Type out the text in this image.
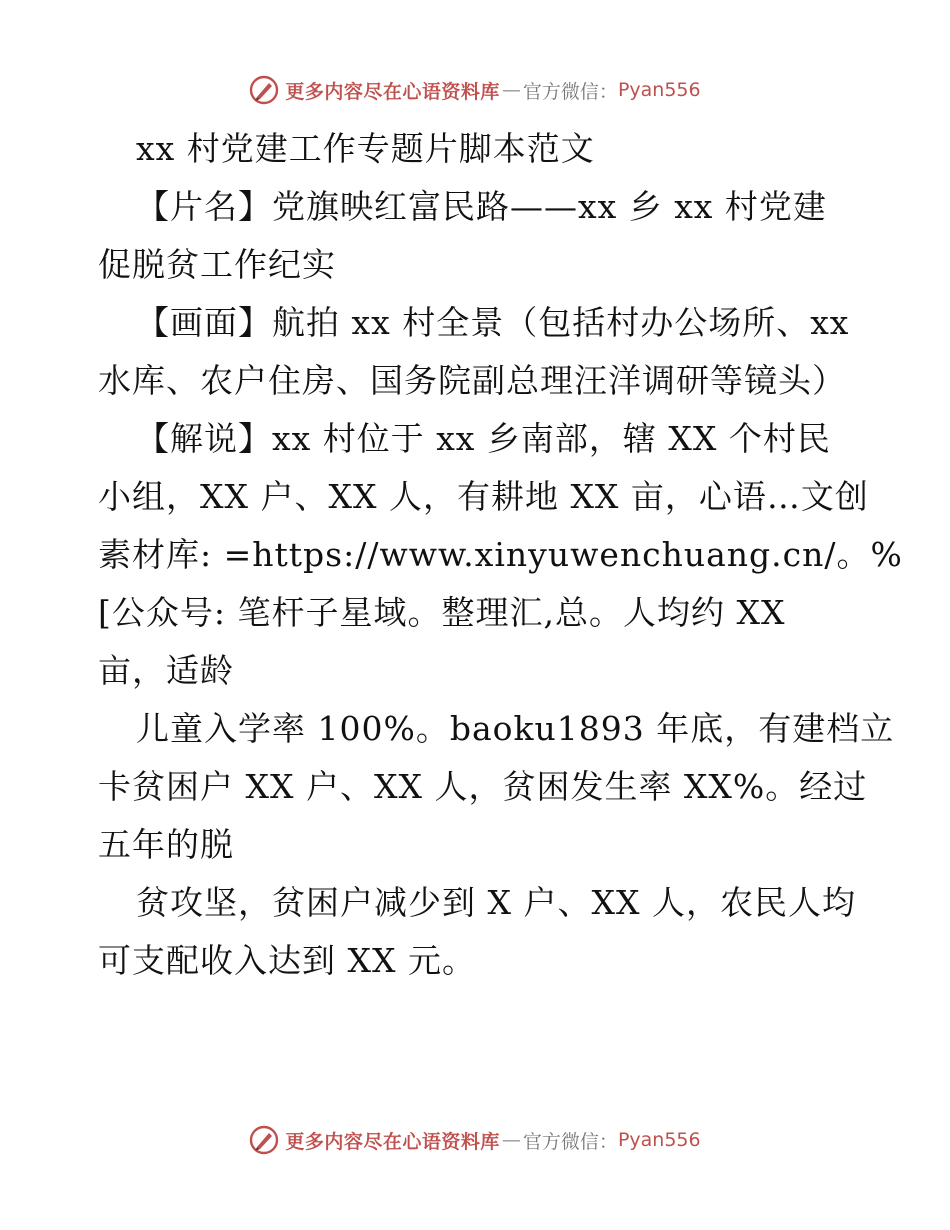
更多内容尽在心语资料库 — 官方微信： Pyan556
xx 村党建工作专题片脚本范文
【片名】党旗映红富民路——xx 乡 xx 村党建
促脱贫工作纪实
【画面】航拍 xx 村全景（包括村办公场所、xx
水库、农户住房、国务院副总理汪洋调研等镜头）
【解说】xx 村位于 xx 乡南部，辖 XX 个村民
小组，XX 户、XX 人，有耕地 XX 亩，心语…文创
素材库: =https://www.xinyuwenchuang.cn/。%
[公众号: 笔杆子星域。整理汇,总。人均约 XX
亩，适龄
儿童入学率 100%。baoku1893 年底，有建档立
卡贫困户 XX 户、XX 人，贫困发生率 XX%。经过
五年的脱
贫攻坚，贫困户减少到 X 户、XX 人，农民人均
可支配收入达到 XX 元。
更多内容尽在心语资料库 — 官方微信： Pyan556
